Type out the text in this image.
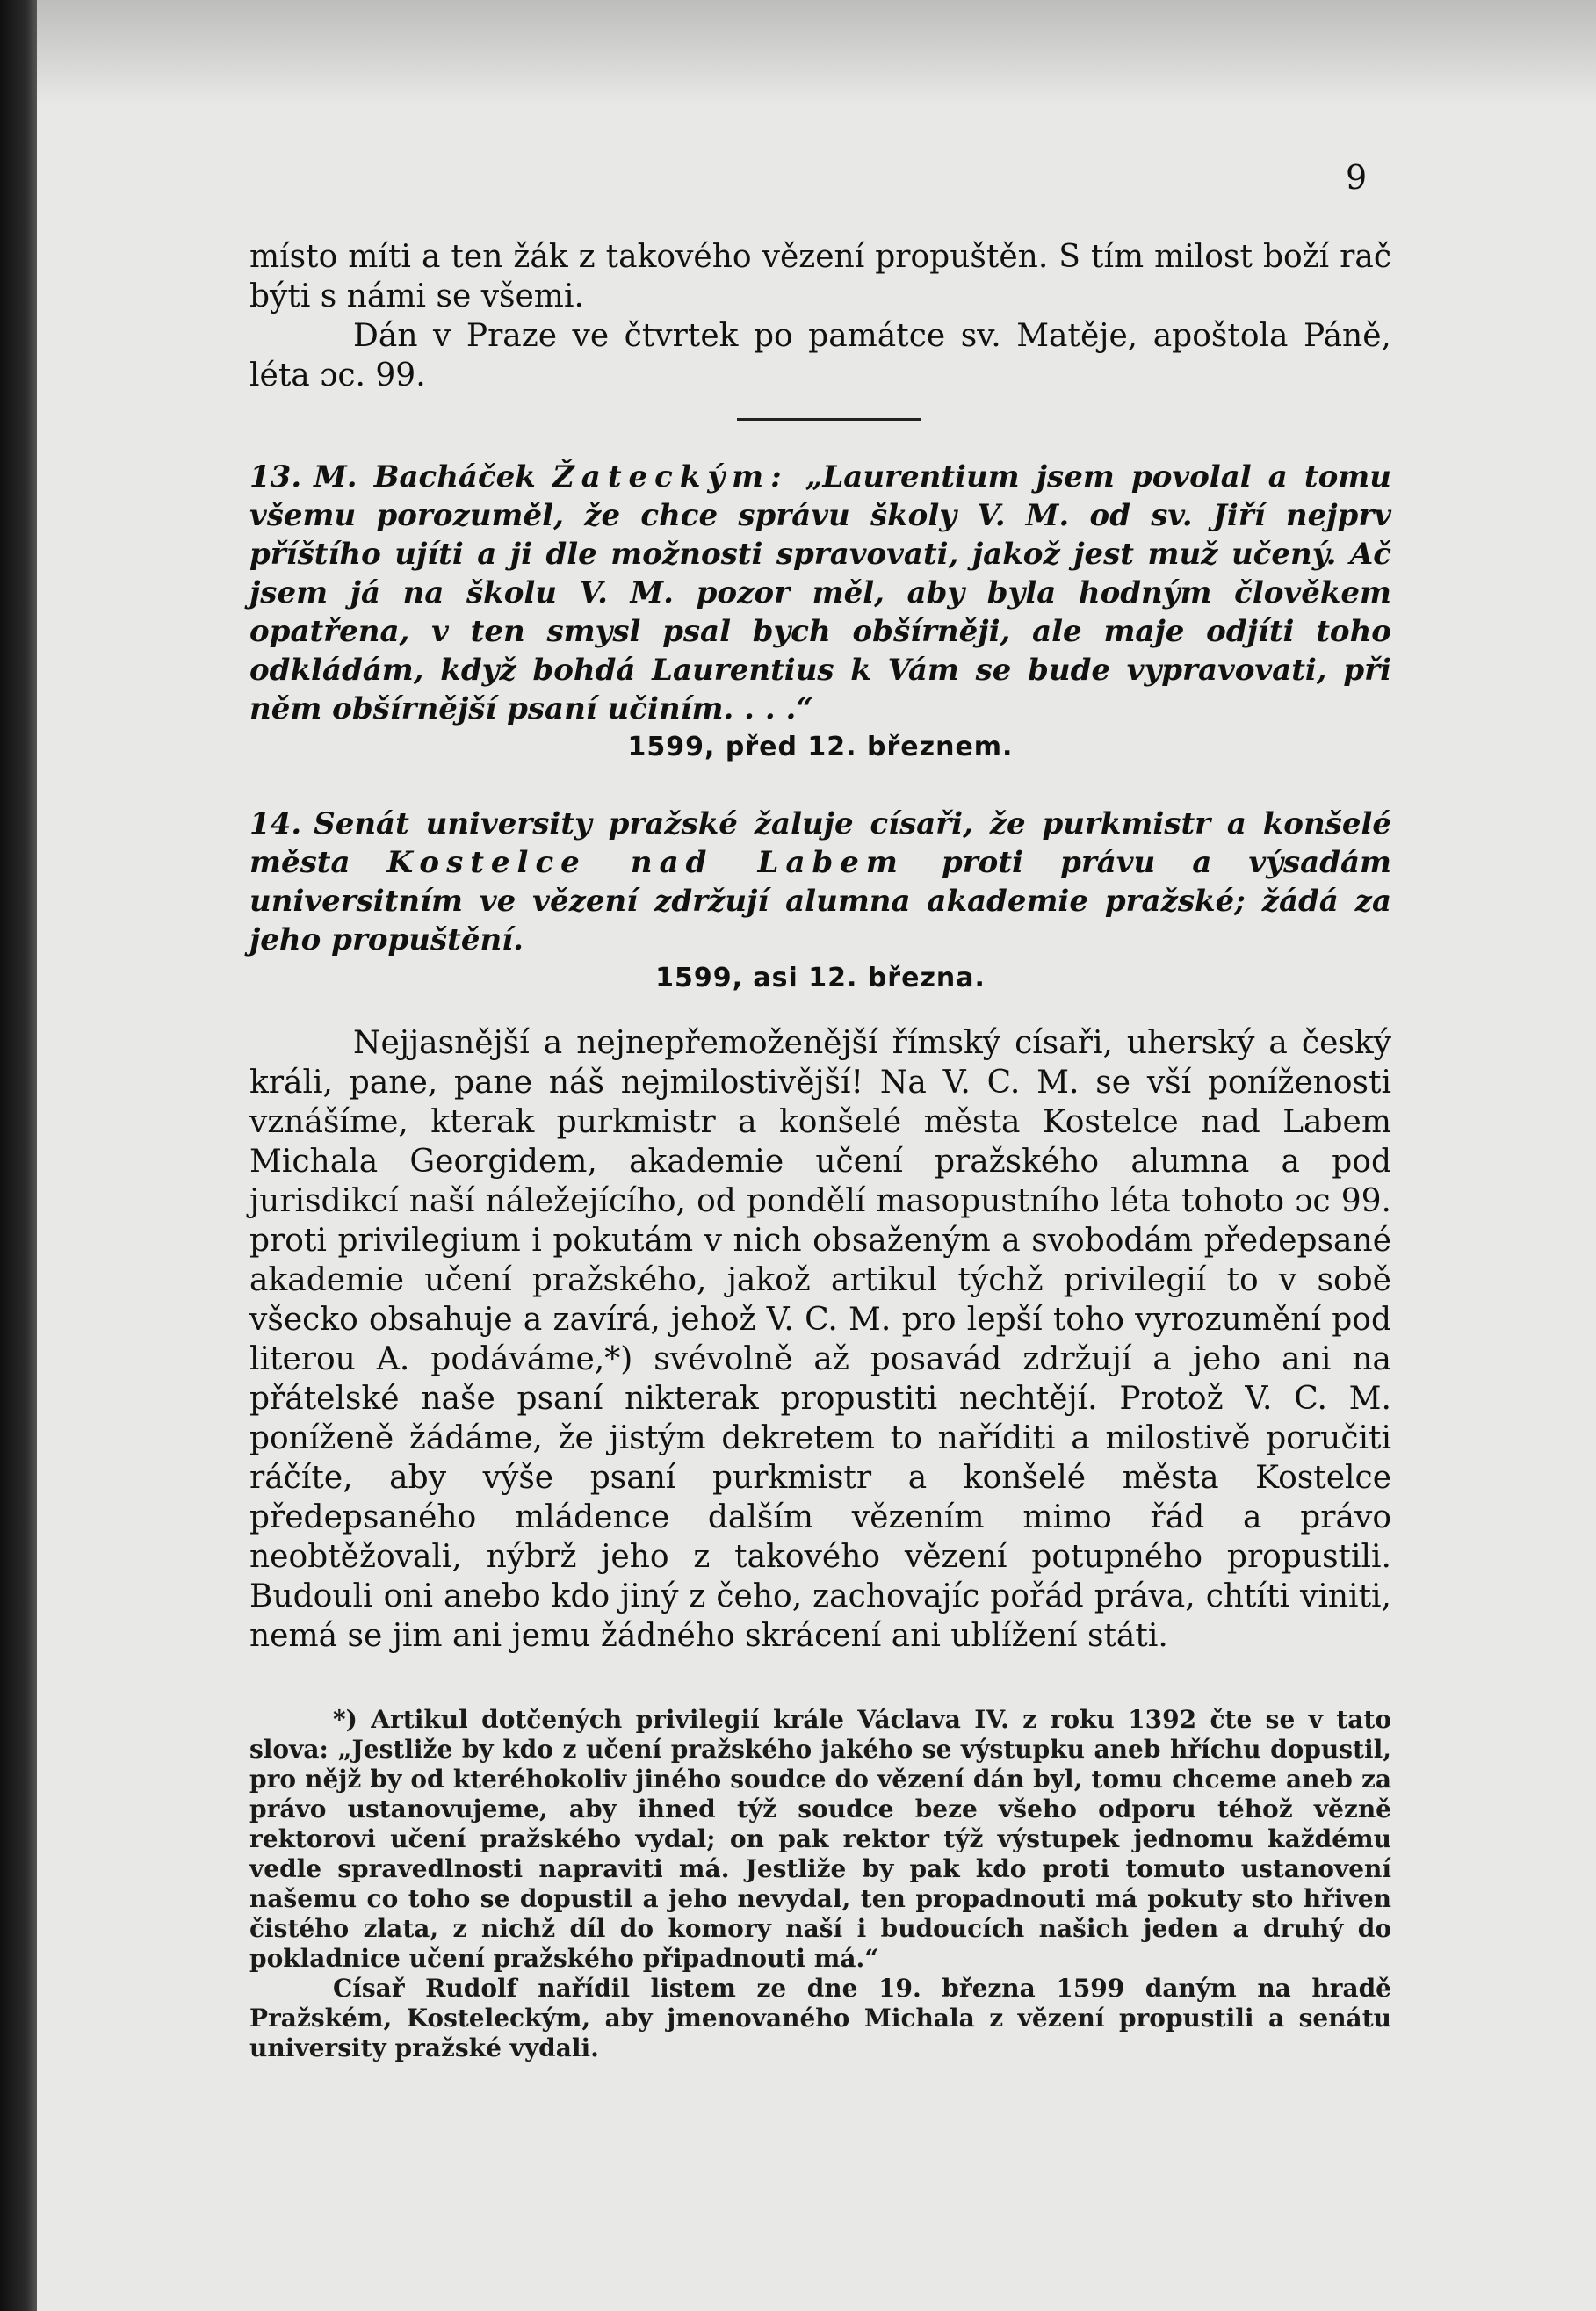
9

místo míti a ten žák z takového vězení propuštěn. S tím milost boží rač býti s námi se všemi.

Dán v Praze ve čtvrtek po památce sv. Matěje, apoštola Páně, léta ɔc. 99.

13. M. Bacháček Žateckým: „Laurentium jsem povolal a tomu všemu porozuměl, že chce správu školy V. M. od sv. Jiří nejprv příštího ujíti a ji dle možnosti spravovati, jakož jest muž učený. Ač jsem já na školu V. M. pozor měl, aby byla hodným člověkem opatřena, v ten smysl psal bych obšírněji, ale maje odjíti toho odkládám, když bohdá Laurentius k Vám se bude vypravovati, při něm obšírnější psaní učiním. . . .“

1599, před 12. březnem.

14. Senát university pražské žaluje císaři, že purkmistr a konšelé města Kostelce nad Labem proti právu a výsadám universitním ve vězení zdržují alumna akademie pražské; žádá za jeho propuštění.

1599, asi 12. března.

Nejjasnější a nejnepřemoženější římský císaři, uherský a český králi, pane, pane náš nejmilostivější! Na V. C. M. se vší poníženosti vznášíme, kterak purkmistr a konšelé města Kostelce nad Labem Michala Georgidem, akademie učení pražského alumna a pod jurisdikcí naší náležejícího, od pondělí masopustního léta tohoto ɔc 99. proti privilegium i pokutám v nich obsaženým a svobodám předepsané akademie učení pražského, jakož artikul týchž privilegií to v sobě všecko obsahuje a zavírá, jehož V. C. M. pro lepší toho vyrozumění pod literou A. podáváme,*) svévolně až posavád zdržují a jeho ani na přátelské naše psaní nikterak propustiti nechtějí. Protož V. C. M. poníženě žádáme, že jistým dekretem to naříditi a milostivě poručiti ráčíte, aby výše psaní purkmistr a konšelé města Kostelce předepsaného mládence dalším vězením mimo řád a právo neobtěžovali, nýbrž jeho z takového vězení potupného propustili. Budouli oni anebo kdo jiný z čeho, zachovajíc pořád práva, chtíti viniti, nemá se jim ani jemu žádného skrácení ani ublížení státi.

*) Artikul dotčených privilegií krále Václava IV. z roku 1392 čte se v tato slova: „Jestliže by kdo z učení pražského jakého se výstupku aneb hříchu dopustil, pro nějž by od kteréhokoliv jiného soudce do vězení dán byl, tomu chceme aneb za právo ustanovujeme, aby ihned týž soudce beze všeho odporu téhož vězně rektorovi učení pražského vydal; on pak rektor týž výstupek jednomu každému vedle spravedlnosti napraviti má. Jestliže by pak kdo proti tomuto ustanovení našemu co toho se dopustil a jeho nevydal, ten propadnouti má pokuty sto hřiven čistého zlata, z nichž díl do komory naší i budoucích našich jeden a druhý do pokladnice učení pražského připadnouti má.“

Císař Rudolf nařídil listem ze dne 19. března 1599 daným na hradě Pražském, Kosteleckým, aby jmenovaného Michala z vězení propustili a senátu university pražské vydali.
